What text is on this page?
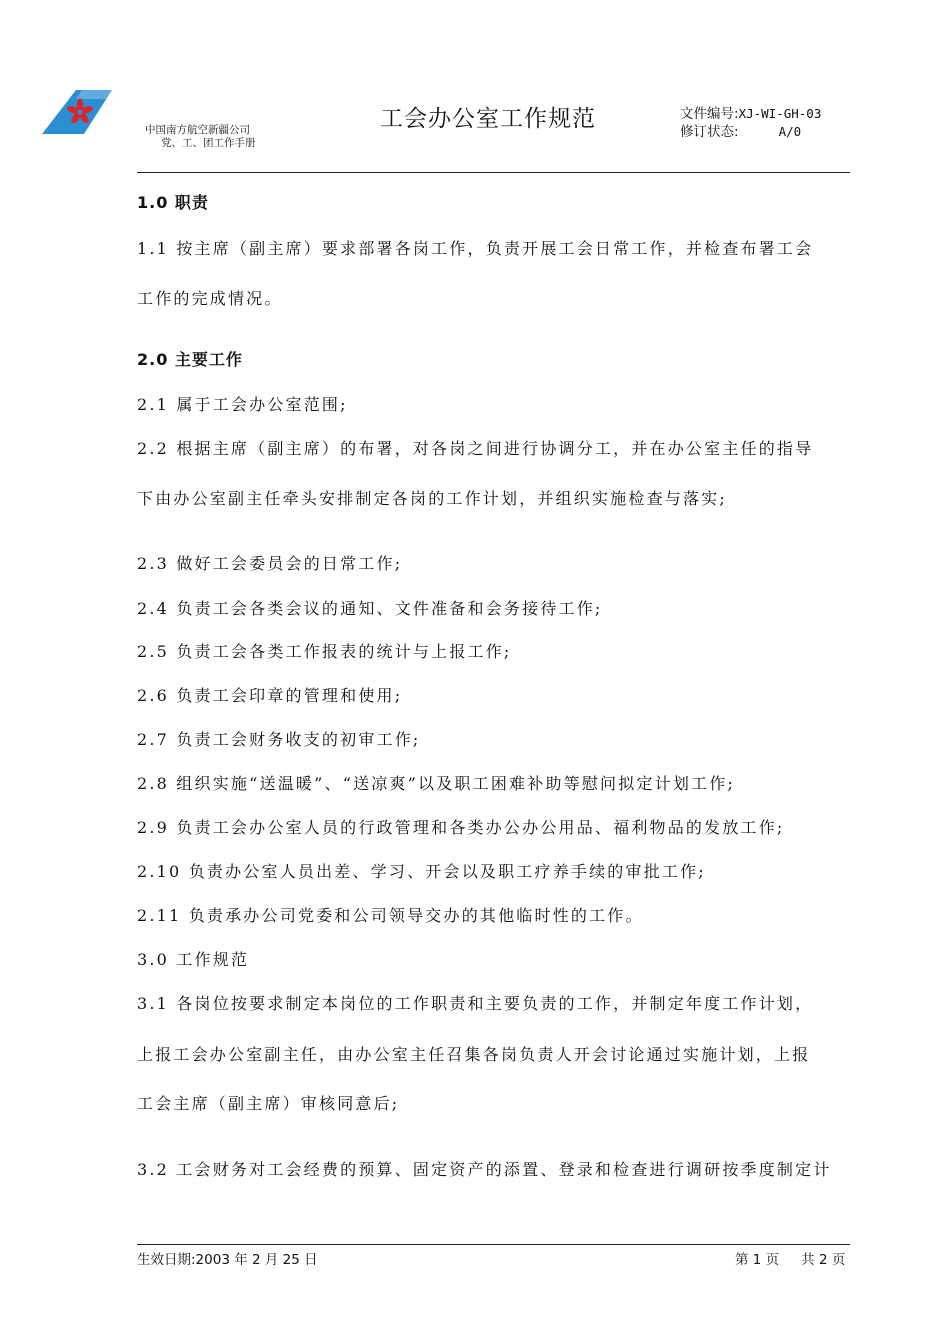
中国南方航空新疆公司
党、工、团工作手册
工会办公室工作规范	文件编号:XJ-WI-GH-03
修订状态:	A/0
1.0 职责
1.1 按主席（副主席）要求部署各岗工作，负责开展工会日常工作，并检查布署工会
工作的完成情况。
2.0 主要工作
2.1 属于工会办公室范围;
2.2 根据主席（副主席）的布署，对各岗之间进行协调分工，并在办公室主任的指导
下由办公室副主任牵头安排制定各岗的工作计划，并组织实施检查与落实;
2.3 做好工会委员会的日常工作;
2.4 负责工会各类会议的通知、文件准备和会务接待工作;
2.5 负责工会各类工作报表的统计与上报工作;
2.6 负责工会印章的管理和使用;
2.7 负责工会财务收支的初审工作;
2.8 组织实施“送温暖”、“送凉爽”以及职工困难补助等慰问拟定计划工作;
2.9 负责工会办公室人员的行政管理和各类办公办公用品、福利物品的发放工作;
2.10 负责办公室人员出差、学习、开会以及职工疗养手续的审批工作;
2.11 负责承办公司党委和公司领导交办的其他临时性的工作。
3.0 工作规范
3.1 各岗位按要求制定本岗位的工作职责和主要负责的工作，并制定年度工作计划，
上报工会办公室副主任，由办公室主任召集各岗负责人开会讨论通过实施计划，上报
工会主席（副主席）审核同意后;
3.2 工会财务对工会经费的预算、固定资产的添置、登录和检查进行调研按季度制定计
生效日期:2003 年 2 月 25 日	第 1 页 共 2 页
